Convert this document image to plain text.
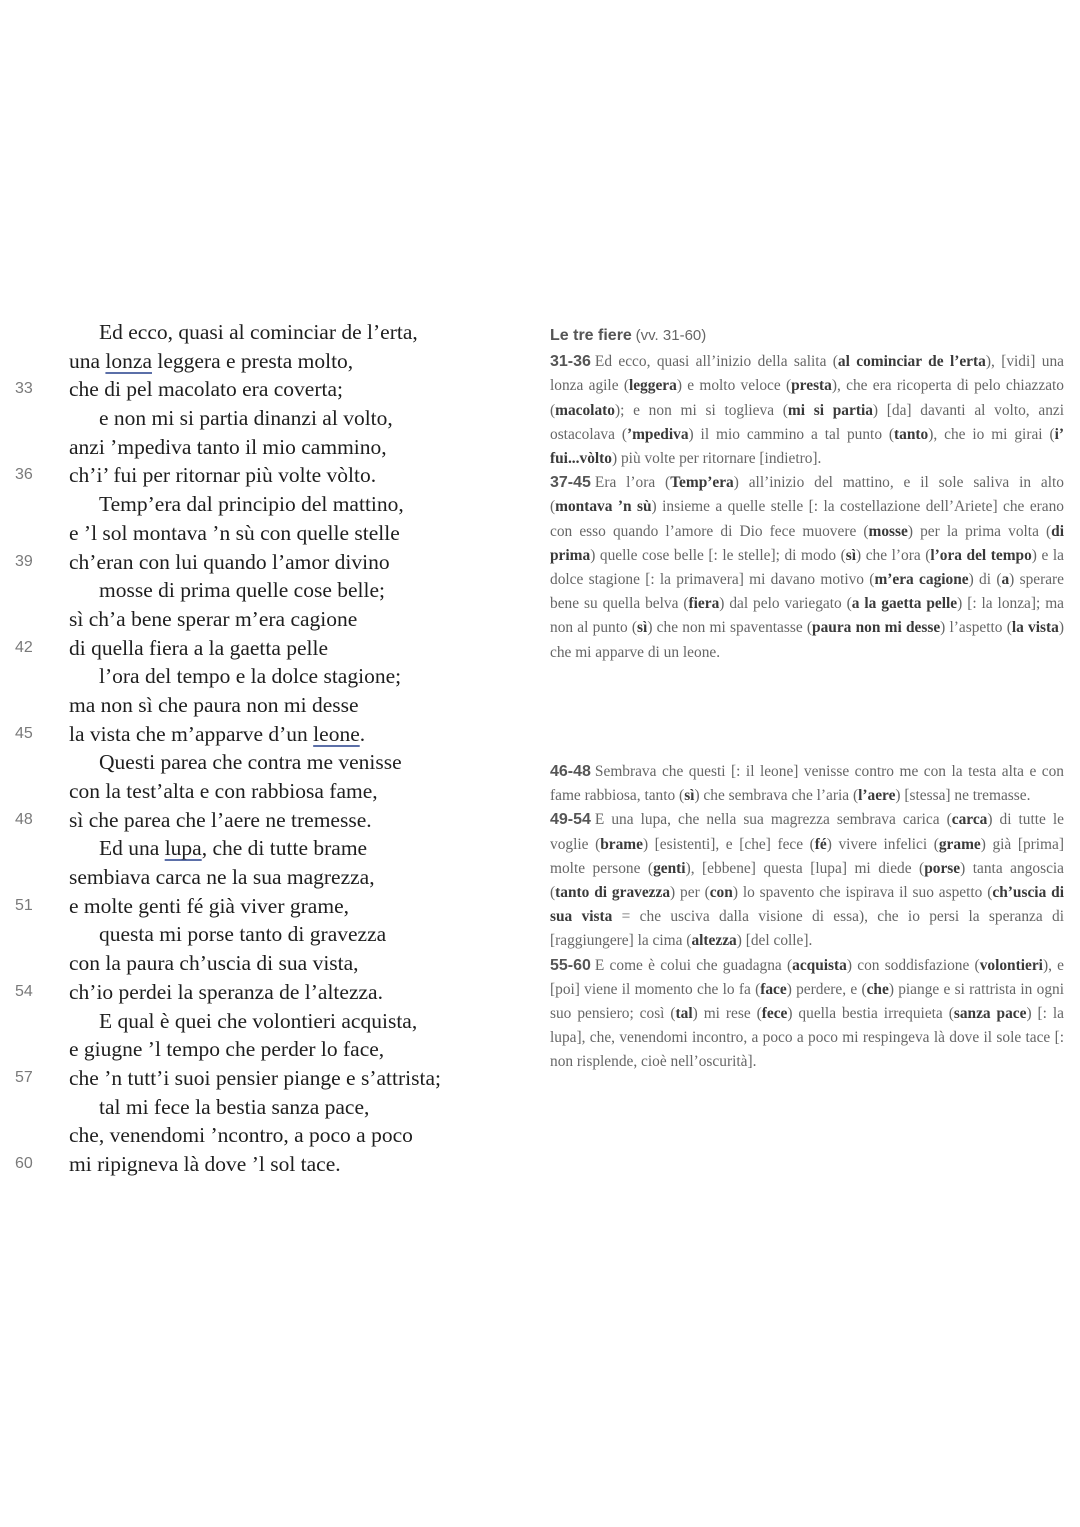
Ed ecco, quasi al cominciar de l’erta,
una lonza leggera e presta molto,
33 che di pel macolato era coverta;
e non mi si partia dinanzi al volto,
anzi ’mpediva tanto il mio cammino,
36 ch’i’ fui per ritornar più volte vòlto.
Temp’era dal principio del mattino,
e ’l sol montava ’n sù con quelle stelle
39 ch’eran con lui quando l’amor divino
mosse di prima quelle cose belle;
sì ch’a bene sperar m’era cagione
42 di quella fiera a la gaetta pelle
l’ora del tempo e la dolce stagione;
ma non sì che paura non mi desse
45 la vista che m’apparve d’un leone.
Questi parea che contra me venisse
con la test’alta e con rabbiosa fame,
48 sì che parea che l’aere ne tremesse.
Ed una lupa, che di tutte brame
sembiava carca ne la sua magrezza,
51 e molte genti fé già viver grame,
questa mi porse tanto di gravezza
con la paura ch’uscia di sua vista,
54 ch’io perdei la speranza de l’altezza.
E qual è quei che volontieri acquista,
e giugne ’l tempo che perder lo face,
57 che ’n tutt’i suoi pensier piange e s’attrista;
tal mi fece la bestia sanza pace,
che, venendomi ’ncontro, a poco a poco
60 mi ripigneva là dove ’l sol tace.

Le tre fiere (vv. 31-60)

31-36 Ed ecco, quasi all’inizio della salita (al cominciar de l’erta), [vidi] una lonza agile (leggera) e molto veloce (presta), che era ricoperta di pelo chiazzato (macolato); e non mi si toglieva (mi si partia) [da] davanti al volto, anzi ostacolava (’mpediva) il mio cammino a tal punto (tanto), che io mi girai (i’ fui...vòlto) più volte per ritornare [indietro].

37-45 Era l’ora (Temp’era) all’inizio del mattino, e il sole saliva in alto (montava ’n sù) insieme a quelle stelle [: la costellazione dell’Ariete] che erano con esso quando l’amore di Dio fece muovere (mosse) per la prima volta (di prima) quelle cose belle [: le stelle]; di modo (sì) che l’ora (l’ora del tempo) e la dolce stagione [: la primavera] mi davano motivo (m’era cagione) di (a) sperare bene su quella belva (fiera) dal pelo variegato (a la gaetta pelle) [: la lonza]; ma non al punto (sì) che non mi spaventasse (paura non mi desse) l’aspetto (la vista) che mi apparve di un leone.

46-48 Sembrava che questi [: il leone] venisse contro me con la testa alta e con fame rabbiosa, tanto (sì) che sembrava che l’aria (l’aere) [stessa] ne tremasse.

49-54 E una lupa, che nella sua magrezza sembrava carica (carca) di tutte le voglie (brame) [esistenti], e [che] fece (fé) vivere infelici (grame) già [prima] molte persone (genti), [ebbene] questa [lupa] mi diede (porse) tanta angoscia (tanto di gravezza) per (con) lo spavento che ispirava il suo aspetto (ch’uscia di sua vista = che usciva dalla visione di essa), che io persi la speranza di [raggiungere] la cima (altezza) [del colle].

55-60 E come è colui che guadagna (acquista) con soddisfazione (volontieri), e [poi] viene il momento che lo fa (face) perdere, e (che) piange e si rattrista in ogni suo pensiero; così (tal) mi rese (fece) quella bestia irrequieta (sanza pace) [: la lupa], che, venendomi incontro, a poco a poco mi respingeva là dove il sole tace [: non risplende, cioè nell’oscurità].
